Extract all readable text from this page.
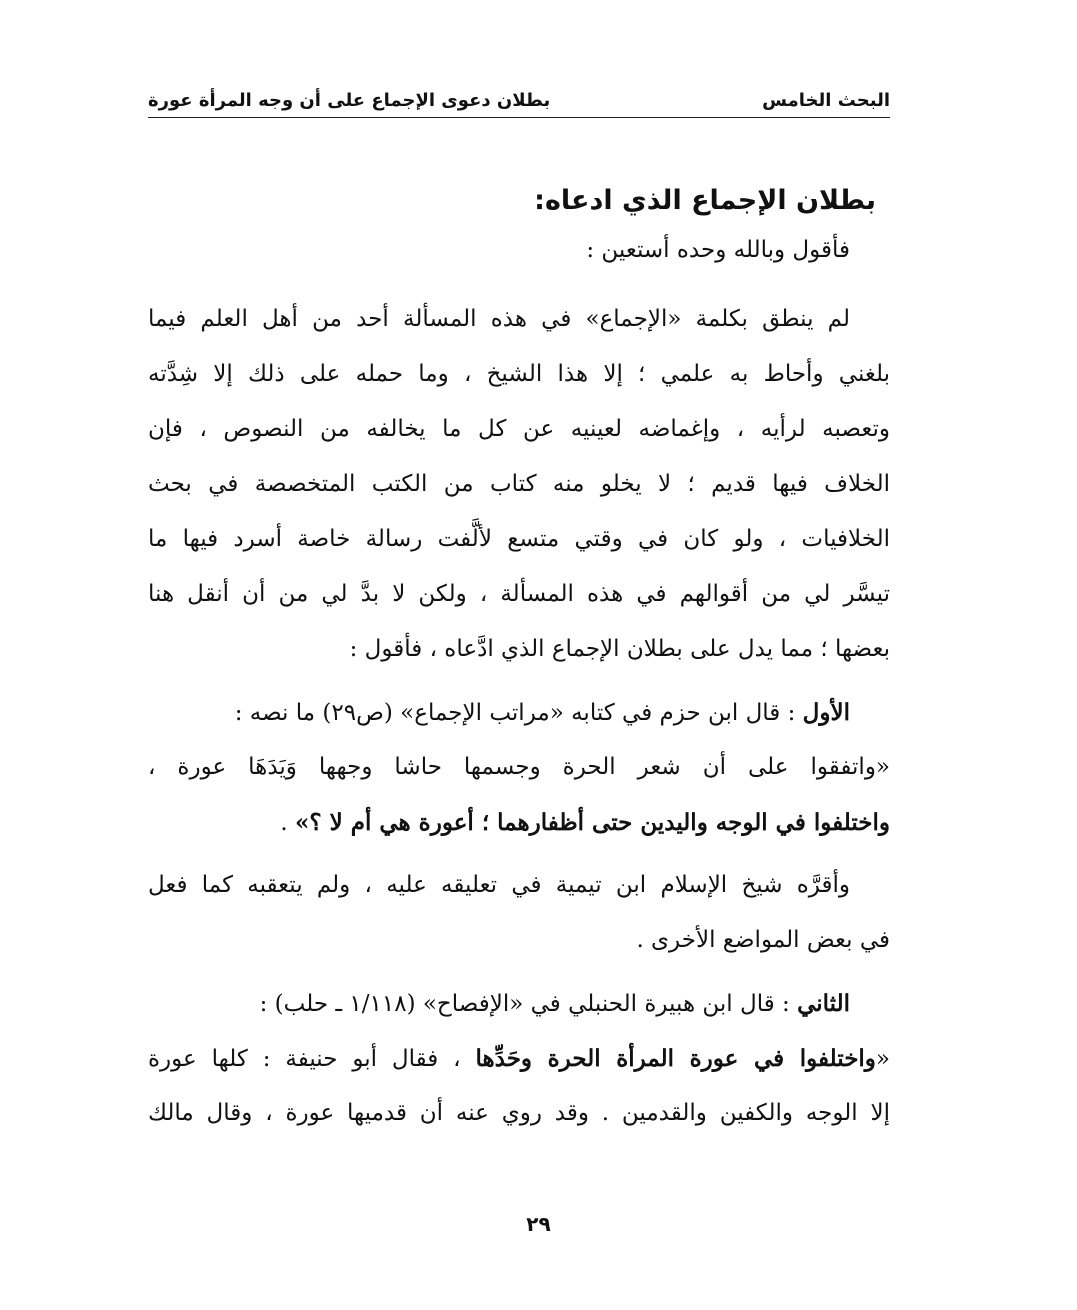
البحث الخامس
بطلان دعوى الإجماع على أن وجه المرأة عورة
بطلان الإجماع الذي ادعاه:
فأقول وبالله وحده أستعين :
لم ينطق بكلمة «الإجماع» في هذه المسألة أحد من أهل العلم فيما
بلغني وأحاط به علمي ؛ إلا هذا الشيخ ، وما حمله على ذلك إلا شِدَّته
وتعصبه لرأيه ، وإغماضه لعينيه عن كل ما يخالفه من النصوص ، فإن
الخلاف فيها قديم ؛ لا يخلو منه كتاب من الكتب المتخصصة في بحث
الخلافيات ، ولو كان في وقتي متسع لألَّفت رسالة خاصة أسرد فيها ما
تيسَّر لي من أقوالهم في هذه المسألة ، ولكن لا بدَّ لي من أن أنقل هنا
بعضها ؛ مما يدل على بطلان الإجماع الذي ادَّعاه ، فأقول :
الأول : قال ابن حزم في كتابه «مراتب الإجماع» (ص٢٩) ما نصه :
«واتفقوا على أن شعر الحرة وجسمها حاشا وجهها وَيَدَهَا عورة ،
واختلفوا في الوجه واليدين حتى أظفارهما ؛ أعورة هي أم لا ؟» .
وأقرَّه شيخ الإسلام ابن تيمية في تعليقه عليه ، ولم يتعقبه كما فعل
في بعض المواضع الأخرى .
الثاني : قال ابن هبيرة الحنبلي في «الإفصاح» (١/١١٨ ـ حلب) :
«واختلفوا في عورة المرأة الحرة وحَدِّها ، فقال أبو حنيفة : كلها عورة
إلا الوجه والكفين والقدمين . وقد روي عنه أن قدميها عورة ، وقال مالك
٢٩
